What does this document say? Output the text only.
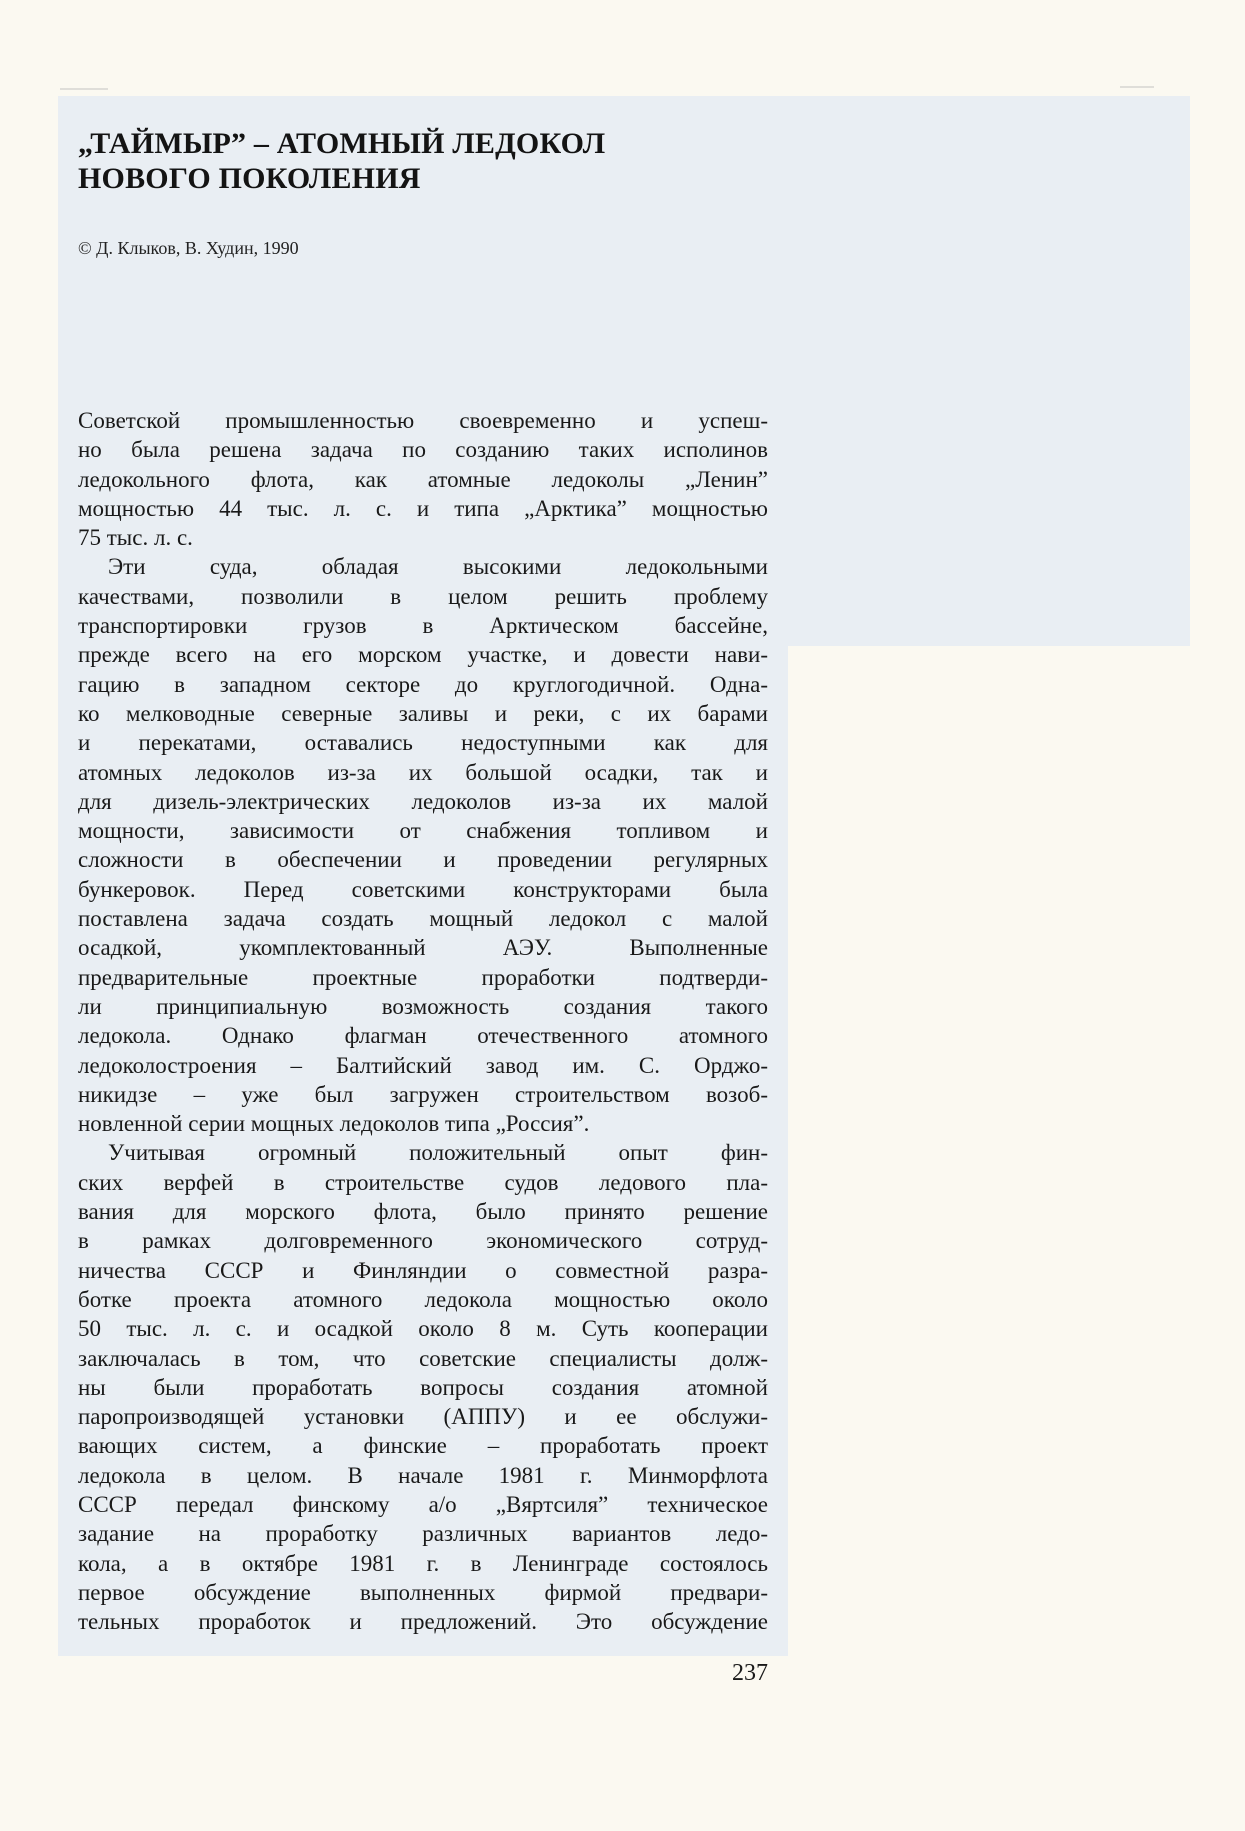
„ТАЙМЫР” – АТОМНЫЙ ЛЕДОКОЛ
НОВОГО ПОКОЛЕНИЯ
© Д. Клыков, В. Худин, 1990
Советской промышленностью своевременно и успеш-
но была решена задача по созданию таких исполинов
ледокольного флота, как атомные ледоколы „Ленин”
мощностью 44 тыс. л. с. и типа „Арктика” мощностью
75 тыс. л. с.
Эти суда, обладая высокими ледокольными
качествами, позволили в целом решить проблему
транспортировки грузов в Арктическом бассейне,
прежде всего на его морском участке, и довести нави-
гацию в западном секторе до круглогодичной. Одна-
ко мелководные северные заливы и реки, с их барами
и перекатами, оставались недоступными как для
атомных ледоколов из-за их большой осадки, так и
для дизель-электрических ледоколов из-за их малой
мощности, зависимости от снабжения топливом и
сложности в обеспечении и проведении регулярных
бункеровок. Перед советскими конструкторами была
поставлена задача создать мощный ледокол с малой
осадкой, укомплектованный АЭУ. Выполненные
предварительные проектные проработки подтверди-
ли принципиальную возможность создания такого
ледокола. Однако флагман отечественного атомного
ледоколостроения – Балтийский завод им. С. Орджо-
никидзе – уже был загружен строительством возоб-
новленной серии мощных ледоколов типа „Россия”.
Учитывая огромный положительный опыт фин-
ских верфей в строительстве судов ледового пла-
вания для морского флота, было принято решение
в рамках долговременного экономического сотруд-
ничества СССР и Финляндии о совместной разра-
ботке проекта атомного ледокола мощностью около
50 тыс. л. с. и осадкой около 8 м. Суть кооперации
заключалась в том, что советские специалисты долж-
ны были проработать вопросы создания атомной
паропроизводящей установки (АППУ) и ее обслужи-
вающих систем, а финские – проработать проект
ледокола в целом. В начале 1981 г. Минморфлота
СССР передал финскому а/о „Вяртсиля” техническое
задание на проработку различных вариантов ледо-
кола, а в октябре 1981 г. в Ленинграде состоялось
первое обсуждение выполненных фирмой предвари-
тельных проработок и предложений. Это обсуждение
237
